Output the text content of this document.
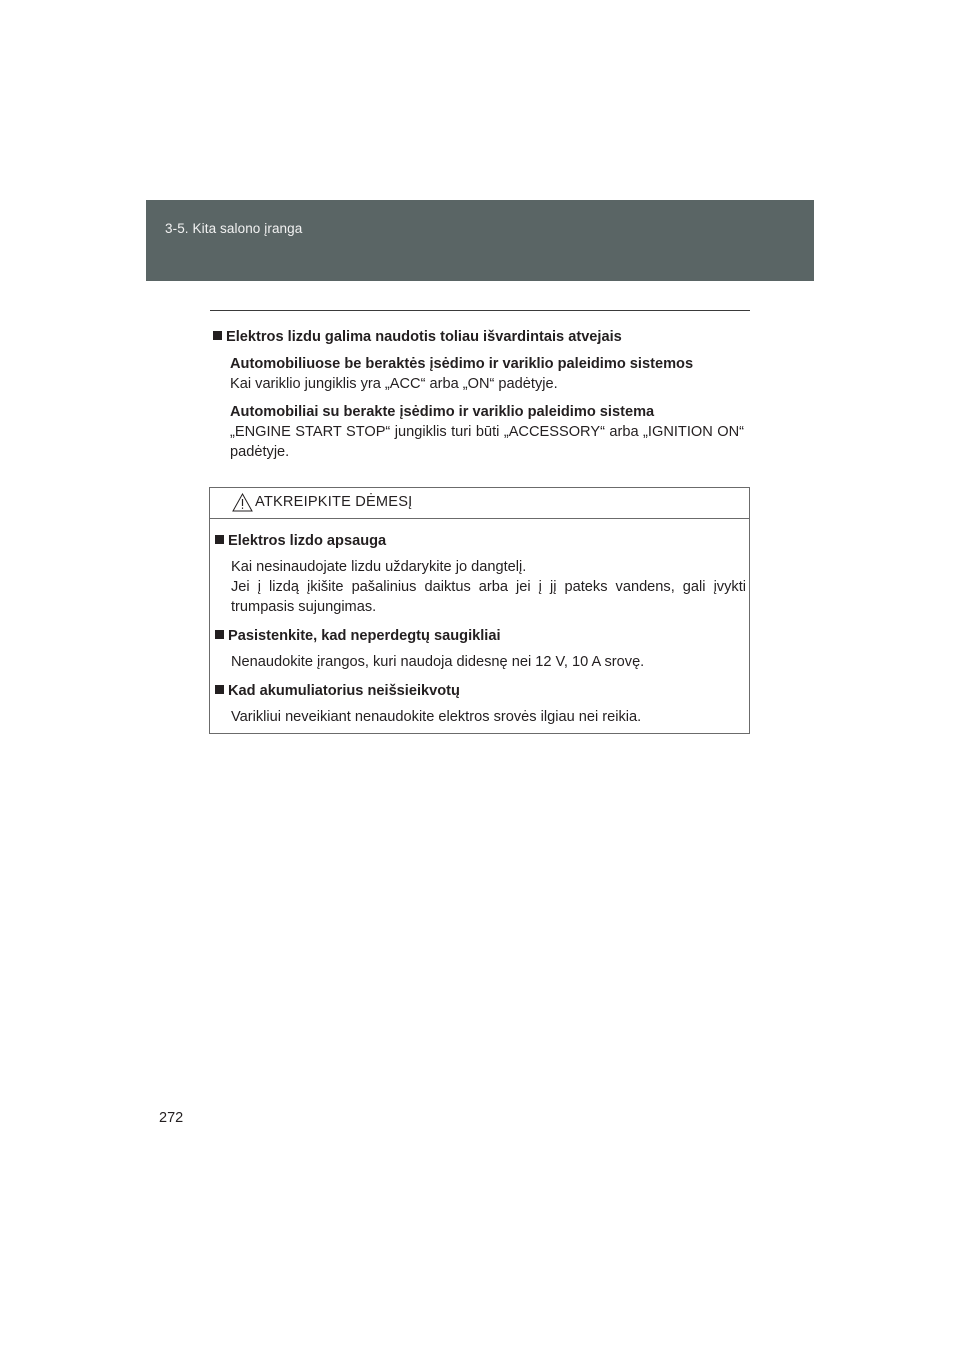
3-5. Kita salono įranga
Elektros lizdu galima naudotis toliau išvardintais atvejais

Automobiliuose be beraktės įsėdimo ir variklio paleidimo sistemos

Kai variklio jungiklis yra „ACC“ arba „ON“ padėtyje.

Automobiliai su berakte įsėdimo ir variklio paleidimo sistema

„ENGINE START STOP“ jungiklis turi būti „ACCESSORY“ arba „IGNITION ON“ padėtyje.

ATKREIPKITE DĖMESĮ
Elektros lizdo apsauga

Kai nesinaudojate lizdu uždarykite jo dangtelį.

Jei į lizdą įkišite pašalinius daiktus arba jei į jį pateks vandens, gali įvykti trumpasis sujungimas.

Pasistenkite, kad neperdegtų saugikliai

Nenaudokite įrangos, kuri naudoja didesnę nei 12 V, 10 A srovę.

Kad akumuliatorius neišsieikvotų

Varikliui neveikiant nenaudokite elektros srovės ilgiau nei reikia.

272
